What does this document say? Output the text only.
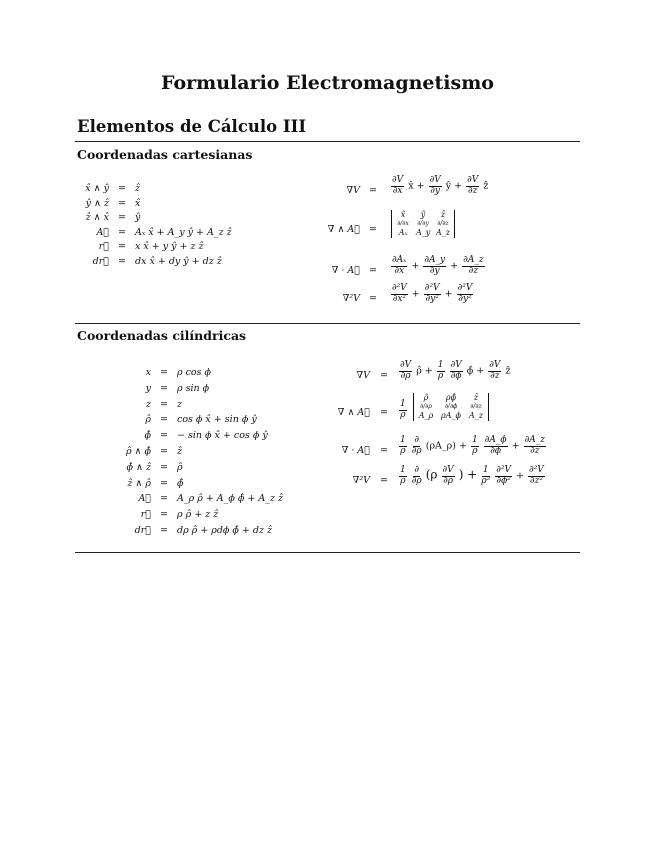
Formulario Electromagnetismo
Elementos de Cálculo III
Coordenadas cartesianas
x̂ ∧ ŷ = ẑ
ŷ ∧ ẑ = x̂
ẑ ∧ x̂ = ŷ
A⃗ = Aₓ x̂ + A_y ŷ + A_z ẑ
r⃗ = x x̂ + y ŷ + z ẑ
dr⃗ = dx x̂ + dy ŷ + dz ẑ
∇V =	$\frac{\partial V}{\partial x}$ x̂ + $\frac{\partial V}{\partial y}$ ŷ + $\frac{\partial V}{\partial z}$ ẑ
∇ ∧ A⃗ =
x̂	ŷ	ẑ
∂/∂x ∂/∂y ∂/∂z
Aₓ	A_y A_z
∇ · A⃗ =	$\frac{\text{∂Aₓ}}{\partial x} + \frac{\partial A\_y}{\partial y} + \frac{\partial A\_z}{\partial z}$
∇²V =	$\frac{\text{∂²V}}{\text{∂x²}} + \frac{\text{∂²V}}{\text{∂y²}} + \frac{\text{∂²V}}{\text{∂y²}}$
Coordenadas cilíndricas
x = ρ cos ϕ
y = ρ sin ϕ
z = z
ρ̂ = cos ϕ x̂ + sin ϕ ŷ
ϕ̂ = − sin ϕ x̂ + cos ϕ ŷ
ρ̂ ∧ ϕ̂ = ẑ
ϕ̂ ∧ ẑ = ρ̂
ẑ ∧ ρ̂ = ϕ̂
A⃗ = A_ρ ρ̂ + A_ϕ ϕ̂ + A_z ẑ
r⃗ = ρ ρ̂ + z ẑ
dr⃗ = dρ ρ̂ + ρdϕ ϕ̂ + dz ẑ
∇V	=	$\frac{\partial V}{\partial\rho}$ ρ̂ + $\frac{1}{\rho}$
$\frac{\partial V}{\partial\phi}$ ϕ̂ + $\frac{\partial V}{\partial z}$ ẑ
∇ ∧ A⃗	=	$\frac{1}{\rho}$
ρ̂	ρϕ̂	ẑ
∂/∂ρ	∂/∂ϕ	∂/∂z
A_ρ ρA_ϕ A_z
∇ · A⃗	=	$\frac{1}{\rho}$
$\frac{\partial}{\partial\rho}$ (ρA_ρ) + $\frac{1}{\rho}$
$\frac{\partial A\_\phi}{\partial\phi} + \frac{\partial A\_z}{\partial z}$
∇²V	=	$\frac{1}{\rho}$
$\frac{\partial}{\partial\rho} (\rho \frac{\partial V}{\partial\rho}$ ) + $\frac{1}{\text{ρ²}}$
$\frac{\text{∂²V}}{\text{∂ϕ²}} + \frac{\text{∂²V}}{\text{∂z²}}$
